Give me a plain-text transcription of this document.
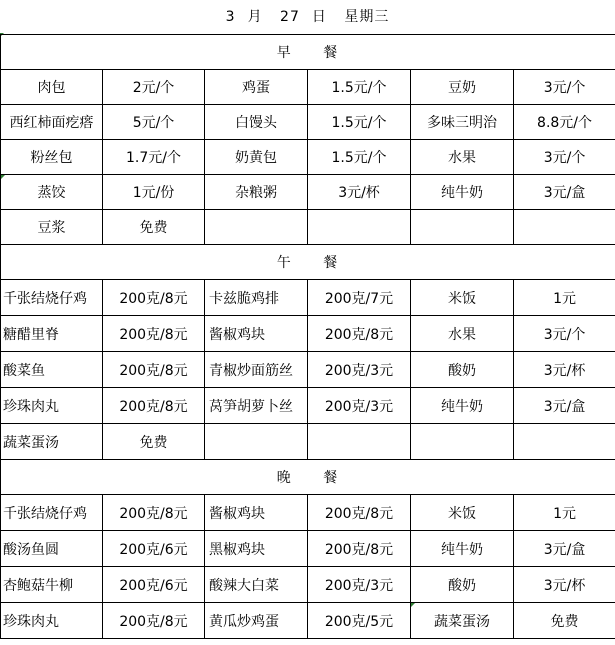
3 月 27 日 星期三
早 餐					
肉包	2元/个	鸡蛋	1.5元/个	豆奶	3元/个
西红柿面疙瘩	5元/个	白馒头	1.5元/个	多味三明治	8.8元/个
粉丝包	1.7元/个	奶黄包	1.5元/个	水果	3元/个
蒸饺	1元/份	杂粮粥	3元/杯	纯牛奶	3元/盒
豆浆	免费				
午 餐					
千张结烧仔鸡	200克/8元	卡兹脆鸡排	200克/7元	米饭	1元
糖醋里脊	200克/8元	酱椒鸡块	200克/8元	水果	3元/个
酸菜鱼	200克/8元	青椒炒面筋丝	200克/3元	酸奶	3元/杯
珍珠肉丸	200克/8元	莴笋胡萝卜丝	200克/3元	纯牛奶	3元/盒
蔬菜蛋汤	免费				
晚 餐					
千张结烧仔鸡	200克/8元	酱椒鸡块	200克/8元	米饭	1元
酸汤鱼圆	200克/6元	黑椒鸡块	200克/8元	纯牛奶	3元/盒
杏鲍菇牛柳	200克/6元	酸辣大白菜	200克/3元	酸奶	3元/杯
珍珠肉丸	200克/8元	黄瓜炒鸡蛋	200克/5元	蔬菜蛋汤	免费
